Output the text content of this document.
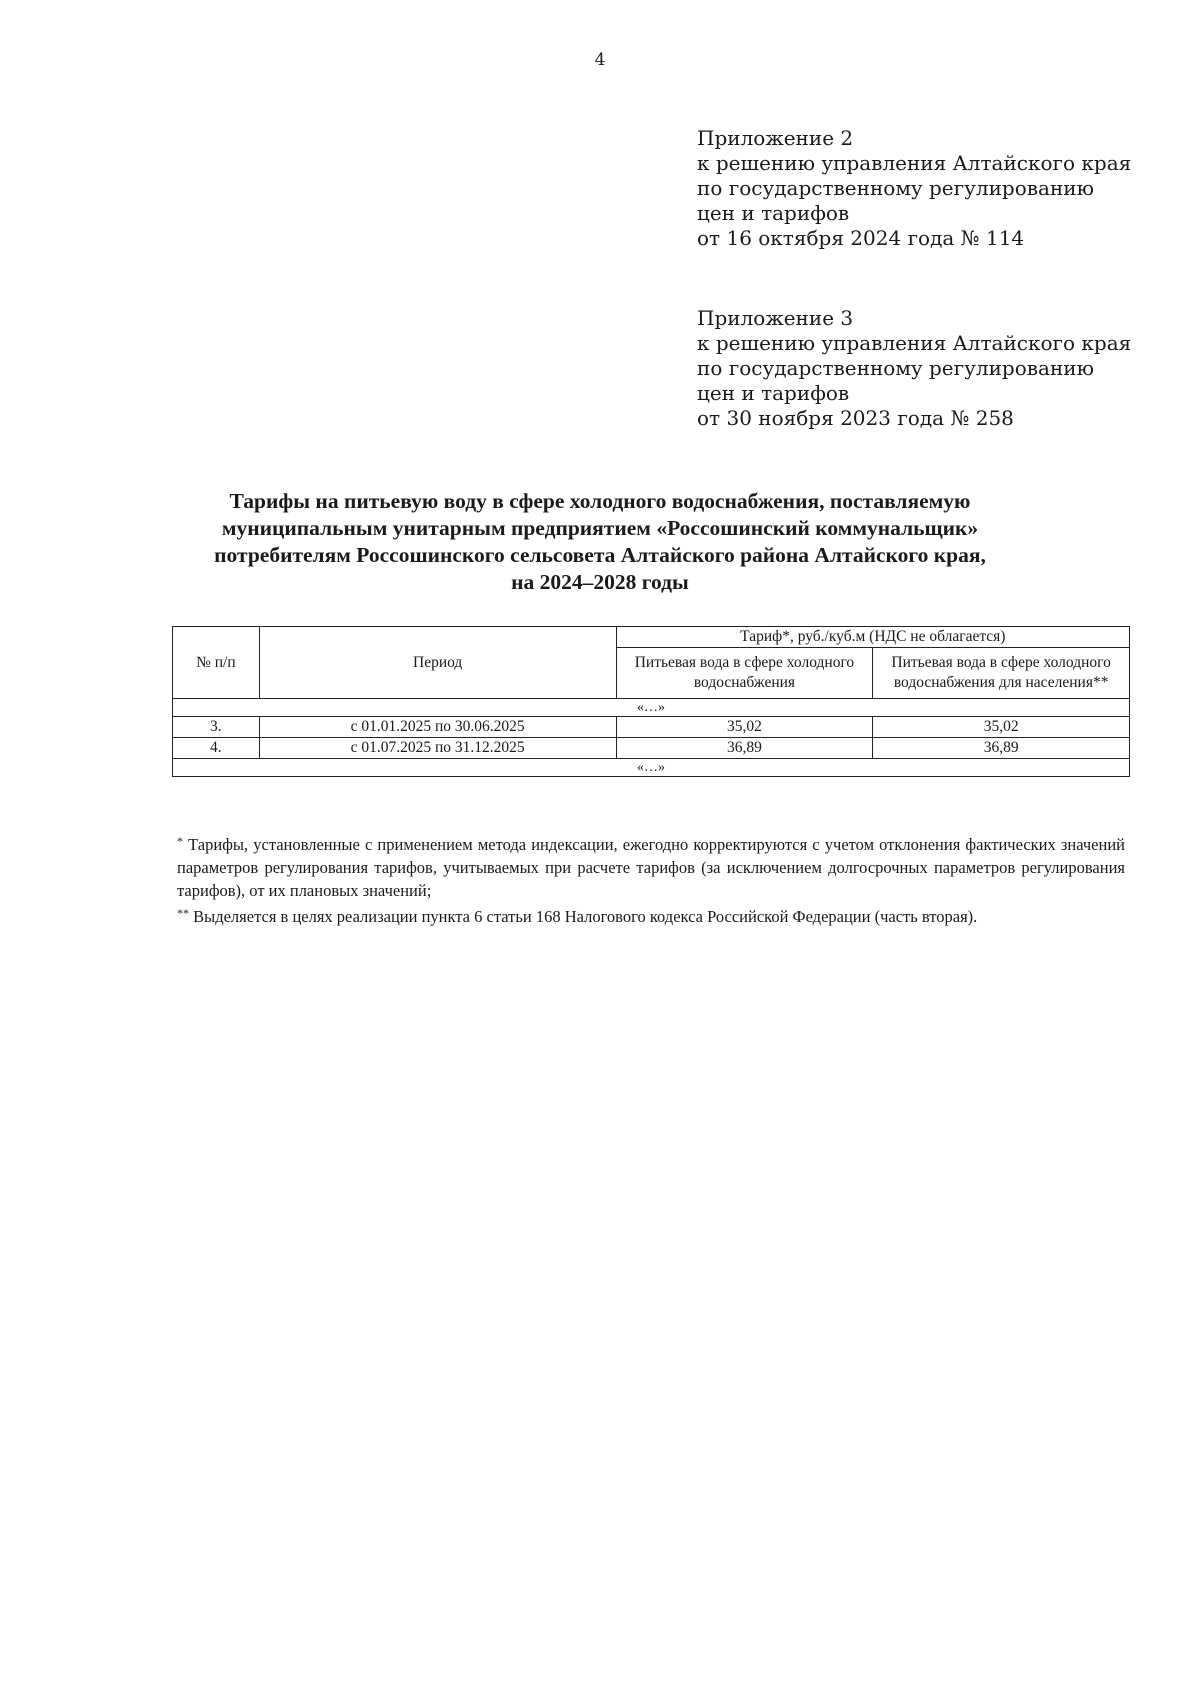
4
Приложение 2
к решению управления Алтайского края
по государственному регулированию
цен и тарифов
от 16 октября 2024 года № 114
Приложение 3
к решению управления Алтайского края
по государственному регулированию
цен и тарифов
от 30 ноября 2023 года № 258
Тарифы на питьевую воду в сфере холодного водоснабжения, поставляемую
муниципальным унитарным предприятием «Россошинский коммунальщик»
потребителям Россошинского сельсовета Алтайского района Алтайского края,
на 2024–2028 годы
№ п/п	Период	Тариф*, руб./куб.м (НДС не облагается)	
		Питьевая вода в сфере холодного водоснабжения	Питьевая вода в сфере холодного водоснабжения для населения**
«…»			
3.	с 01.01.2025 по 30.06.2025	35,02	35,02
4.	с 01.07.2025 по 31.12.2025	36,89	36,89
«…»			

* Тарифы, установленные с применением метода индексации, ежегодно корректируются с учетом отклонения фактических значений параметров регулирования тарифов, учитываемых при расчете тарифов (за исключением долгосрочных параметров регулирования тарифов), от их плановых значений;

** Выделяется в целях реализации пункта 6 статьи 168 Налогового кодекса Российской Федерации (часть вторая).
